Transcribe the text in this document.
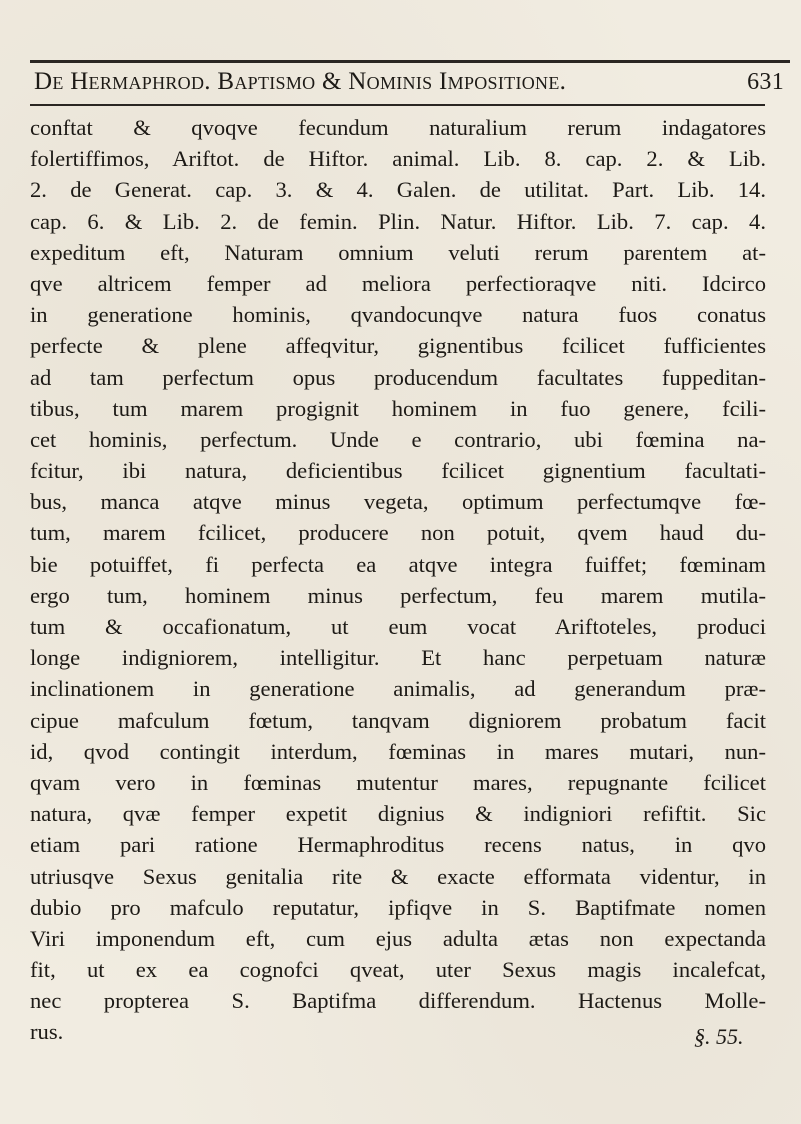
De Hermaphrod. Baptismo & Nominis Impositione.	631
conftat & qvoqve fecundum naturalium rerum indagatores
folertiffimos, Ariftot. de Hiftor. animal. Lib. 8. cap. 2. & Lib.
2. de Generat. cap. 3. & 4. Galen. de utilitat. Part. Lib. 14.
cap. 6. & Lib. 2. de femin. Plin. Natur. Hiftor. Lib. 7. cap. 4.
expeditum eft, Naturam omnium veluti rerum parentem at-
qve altricem femper ad meliora perfectioraqve niti. Idcirco
in generatione hominis, qvandocunqve natura fuos conatus
perfecte & plene affeqvitur, gignentibus fcilicet fufficientes
ad tam perfectum opus producendum facultates fuppeditan-
tibus, tum marem progignit hominem in fuo genere, fcili-
cet hominis, perfectum. Unde e contrario, ubi fœmina na-
fcitur, ibi natura, deficientibus fcilicet gignentium facultati-
bus, manca atqve minus vegeta, optimum perfectumqve fœ-
tum, marem fcilicet, producere non potuit, qvem haud du-
bie potuiffet, fi perfecta ea atqve integra fuiffet; fœminam
ergo tum, hominem minus perfectum, feu marem mutila-
tum & occafionatum, ut eum vocat Ariftoteles, produci
longe indigniorem, intelligitur. Et hanc perpetuam naturæ
inclinationem in generatione animalis, ad generandum præ-
cipue mafculum fœtum, tanqvam digniorem probatum facit
id, qvod contingit interdum, fœminas in mares mutari, nun-
qvam vero in fœminas mutentur mares, repugnante fcilicet
natura, qvæ femper expetit dignius & indigniori refiftit. Sic
etiam pari ratione Hermaphroditus recens natus, in qvo
utriusqve Sexus genitalia rite & exacte efformata videntur, in
dubio pro mafculo reputatur, ipfiqve in S. Baptifmate nomen
Viri imponendum eft, cum ejus adulta ætas non expectanda
fit, ut ex ea cognofci qveat, uter Sexus magis incalefcat,
nec propterea S. Baptifma differendum. Hactenus Molle-
rus.	§. 55.
